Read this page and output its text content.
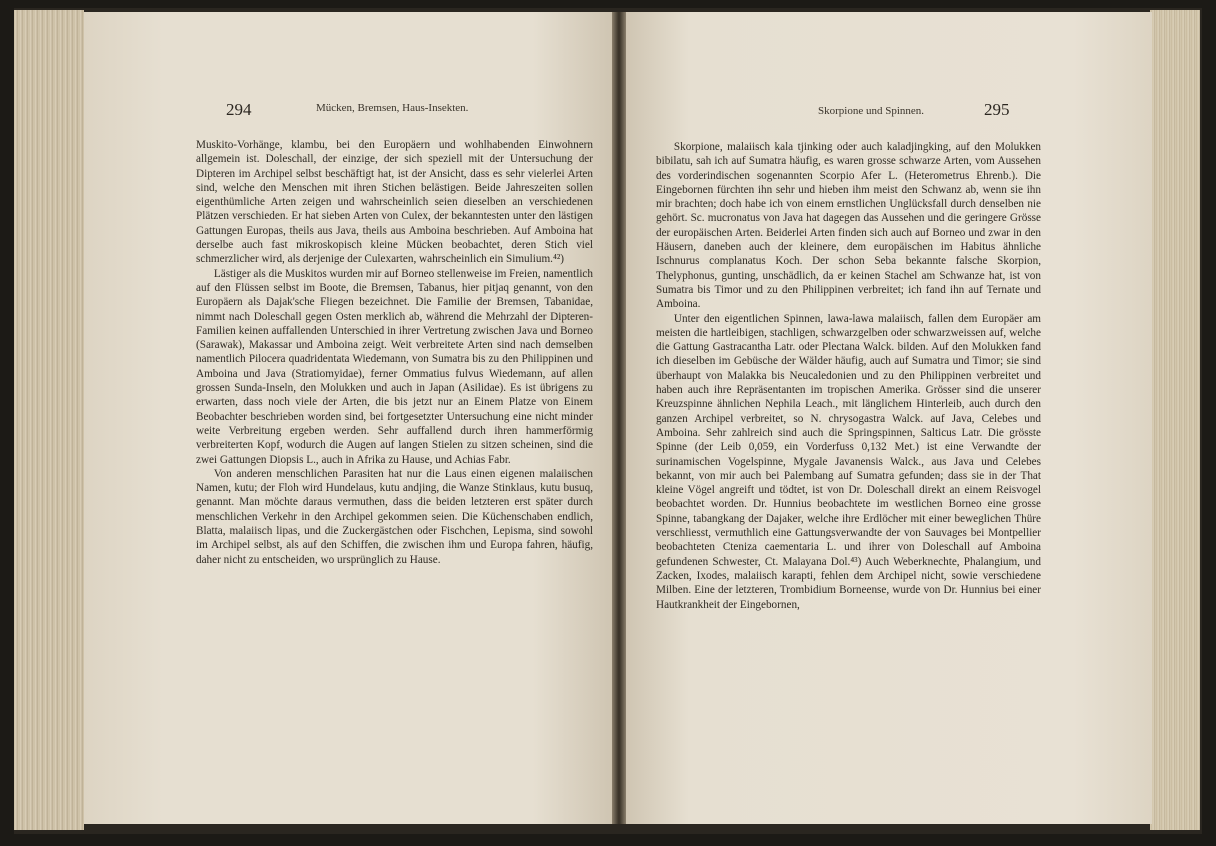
294	Mücken, Bremsen, Haus-Insekten.

Muskito-Vorhänge, klambu, bei den Europäern und wohlhabenden Einwohnern allgemein ist. Doleschall, der einzige, der sich speziell mit der Untersuchung der Dipteren im Archipel selbst beschäftigt hat, ist der Ansicht, dass es sehr vielerlei Arten sind, welche den Menschen mit ihren Stichen belästigen. Beide Jahreszeiten sollen eigenthümliche Arten zeigen und wahrscheinlich seien dieselben an verschiedenen Plätzen verschieden. Er hat sieben Arten von Culex, der bekanntesten unter den lästigen Gattungen Europas, theils aus Java, theils aus Amboina beschrieben. Auf Amboina hat derselbe auch fast mikroskopisch kleine Mücken beobachtet, deren Stich viel schmerzlicher wird, als derjenige der Culexarten, wahrscheinlich ein Simulium.⁴²)

Lästiger als die Muskitos wurden mir auf Borneo stellenweise im Freien, namentlich auf den Flüssen selbst im Boote, die Bremsen, Tabanus, hier pitjaq genannt, von den Europäern als Dajak'sche Fliegen bezeichnet. Die Familie der Bremsen, Tabanidae, nimmt nach Doleschall gegen Osten merklich ab, während die Mehrzahl der Dipteren-Familien keinen auffallenden Unterschied in ihrer Vertretung zwischen Java und Borneo (Sarawak), Makassar und Amboina zeigt. Weit verbreitete Arten sind nach demselben namentlich Pilocera quadridentata Wiedemann, von Sumatra bis zu den Philippinen und Amboina und Java (Stratiomyidae), ferner Ommatius fulvus Wiedemann, auf allen grossen Sunda-Inseln, den Molukken und auch in Japan (Asilidae). Es ist übrigens zu erwarten, dass noch viele der Arten, die bis jetzt nur an Einem Platze von Einem Beobachter beschrieben worden sind, bei fortgesetzter Untersuchung eine nicht minder weite Verbreitung ergeben werden. Sehr auffallend durch ihren hammerförmig verbreiterten Kopf, wodurch die Augen auf langen Stielen zu sitzen scheinen, sind die zwei Gattungen Diopsis L., auch in Afrika zu Hause, und Achias Fabr.

Von anderen menschlichen Parasiten hat nur die Laus einen eigenen malaiischen Namen, kutu; der Floh wird Hundelaus, kutu andjing, die Wanze Stinklaus, kutu busuq, genannt. Man möchte daraus vermuthen, dass die beiden letzteren erst später durch menschlichen Verkehr in den Archipel gekommen seien. Die Küchenschaben endlich, Blatta, malaiisch lipas, und die Zuckergästchen oder Fischchen, Lepisma, sind sowohl im Archipel selbst, als auf den Schiffen, die zwischen ihm und Europa fahren, häufig, daher nicht zu entscheiden, wo ursprünglich zu Hause.

Skorpione und Spinnen.	295

Skorpione, malaiisch kala tjinking oder auch kaladjingking, auf den Molukken bibilatu, sah ich auf Sumatra häufig, es waren grosse schwarze Arten, vom Aussehen des vorderindischen sogenannten Scorpio Afer L. (Heterometrus Ehrenb.). Die Eingebornen fürchten ihn sehr und hieben ihm meist den Schwanz ab, wenn sie ihn mir brachten; doch habe ich von einem ernstlichen Unglücksfall durch denselben nie gehört. Sc. mucronatus von Java hat dagegen das Aussehen und die geringere Grösse der europäischen Arten. Beiderlei Arten finden sich auch auf Borneo und zwar in den Häusern, daneben auch der kleinere, dem europäischen im Habitus ähnliche Ischnurus complanatus Koch. Der schon Seba bekannte falsche Skorpion, Thelyphonus, gunting, unschädlich, da er keinen Stachel am Schwanze hat, ist von Sumatra bis Timor und zu den Philippinen verbreitet; ich fand ihn auf Ternate und Amboina.

Unter den eigentlichen Spinnen, lawa-lawa malaiisch, fallen dem Europäer am meisten die hartleibigen, stachligen, schwarzgelben oder schwarzweissen auf, welche die Gattung Gastracantha Latr. oder Plectana Walck. bilden. Auf den Molukken fand ich dieselben im Gebüsche der Wälder häufig, auch auf Sumatra und Timor; sie sind überhaupt von Malakka bis Neucaledonien und zu den Philippinen verbreitet und haben auch ihre Repräsentanten im tropischen Amerika. Grösser sind die unserer Kreuzspinne ähnlichen Nephila Leach., mit länglichem Hinterleib, auch durch den ganzen Archipel verbreitet, so N. chrysogastra Walck. auf Java, Celebes und Amboina. Sehr zahlreich sind auch die Springspinnen, Salticus Latr. Die grösste Spinne (der Leib 0,059, ein Vorderfuss 0,132 Met.) ist eine Verwandte der surinamischen Vogelspinne, Mygale Javanensis Walck., aus Java und Celebes bekannt, von mir auch bei Palembang auf Sumatra gefunden; dass sie in der That kleine Vögel angreift und tödtet, ist von Dr. Doleschall direkt an einem Reisvogel beobachtet worden. Dr. Hunnius beobachtete im westlichen Borneo eine grosse Spinne, tabangkang der Dajaker, welche ihre Erdlöcher mit einer beweglichen Thüre verschliesst, vermuthlich eine Gattungsverwandte der von Sauvages bei Montpellier beobachteten Cteniza caementaria L. und ihrer von Doleschall auf Amboina gefundenen Schwester, Ct. Malayana Dol.⁴³) Auch Weberknechte, Phalangium, und Zacken, Ixodes, malaiisch karapti, fehlen dem Archipel nicht, sowie verschiedene Milben. Eine der letzteren, Trombidium Borneense, wurde von Dr. Hunnius bei einer Hautkrankheit der Eingebornen,
